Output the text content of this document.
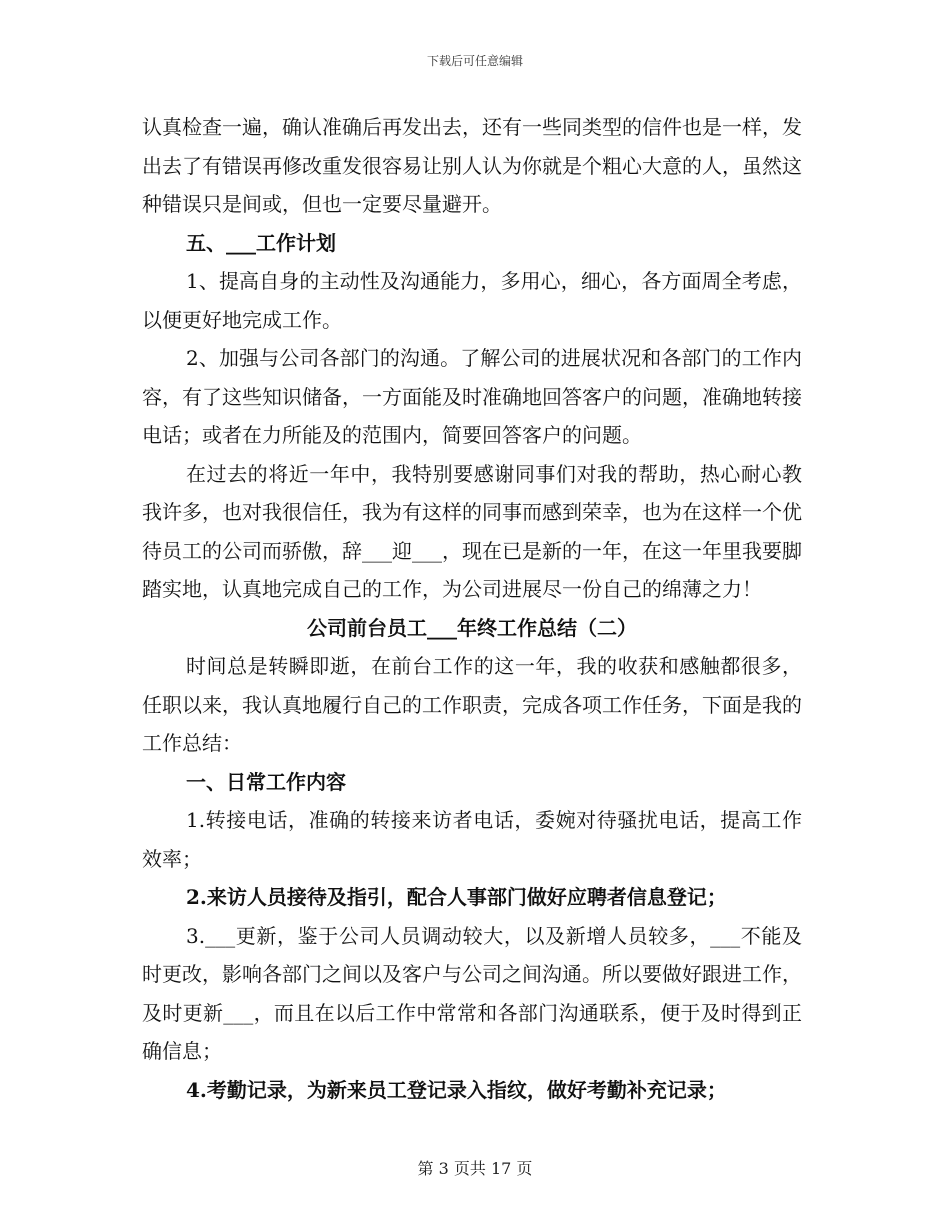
下载后可任意编辑

认真检查一遍，确认准确后再发出去，还有一些同类型的信件也是一样，发出去了有错误再修改重发很容易让别人认为你就是个粗心大意的人，虽然这种错误只是间或，但也一定要尽量避开。

五、___工作计划

1、提高自身的主动性及沟通能力，多用心，细心，各方面周全考虑，以便更好地完成工作。

2、加强与公司各部门的沟通。了解公司的进展状况和各部门的工作内容，有了这些知识储备，一方面能及时准确地回答客户的问题，准确地转接电话；或者在力所能及的范围内，简要回答客户的问题。

在过去的将近一年中，我特别要感谢同事们对我的帮助，热心耐心教我许多，也对我很信任，我为有这样的同事而感到荣幸，也为在这样一个优待员工的公司而骄傲，辞___迎___，现在已是新的一年，在这一年里我要脚踏实地，认真地完成自己的工作，为公司进展尽一份自己的绵薄之力！

公司前台员工___年终工作总结（二）

时间总是转瞬即逝，在前台工作的这一年，我的收获和感触都很多，任职以来，我认真地履行自己的工作职责，完成各项工作任务，下面是我的工作总结：

一、日常工作内容

1.转接电话，准确的转接来访者电话，委婉对待骚扰电话，提高工作效率；

2.来访人员接待及指引，配合人事部门做好应聘者信息登记；

3.___更新，鉴于公司人员调动较大，以及新增人员较多，___不能及时更改，影响各部门之间以及客户与公司之间沟通。所以要做好跟进工作，及时更新___，而且在以后工作中常常和各部门沟通联系，便于及时得到正确信息；

4.考勤记录，为新来员工登记录入指纹，做好考勤补充记录；

第 3 页共 17 页
